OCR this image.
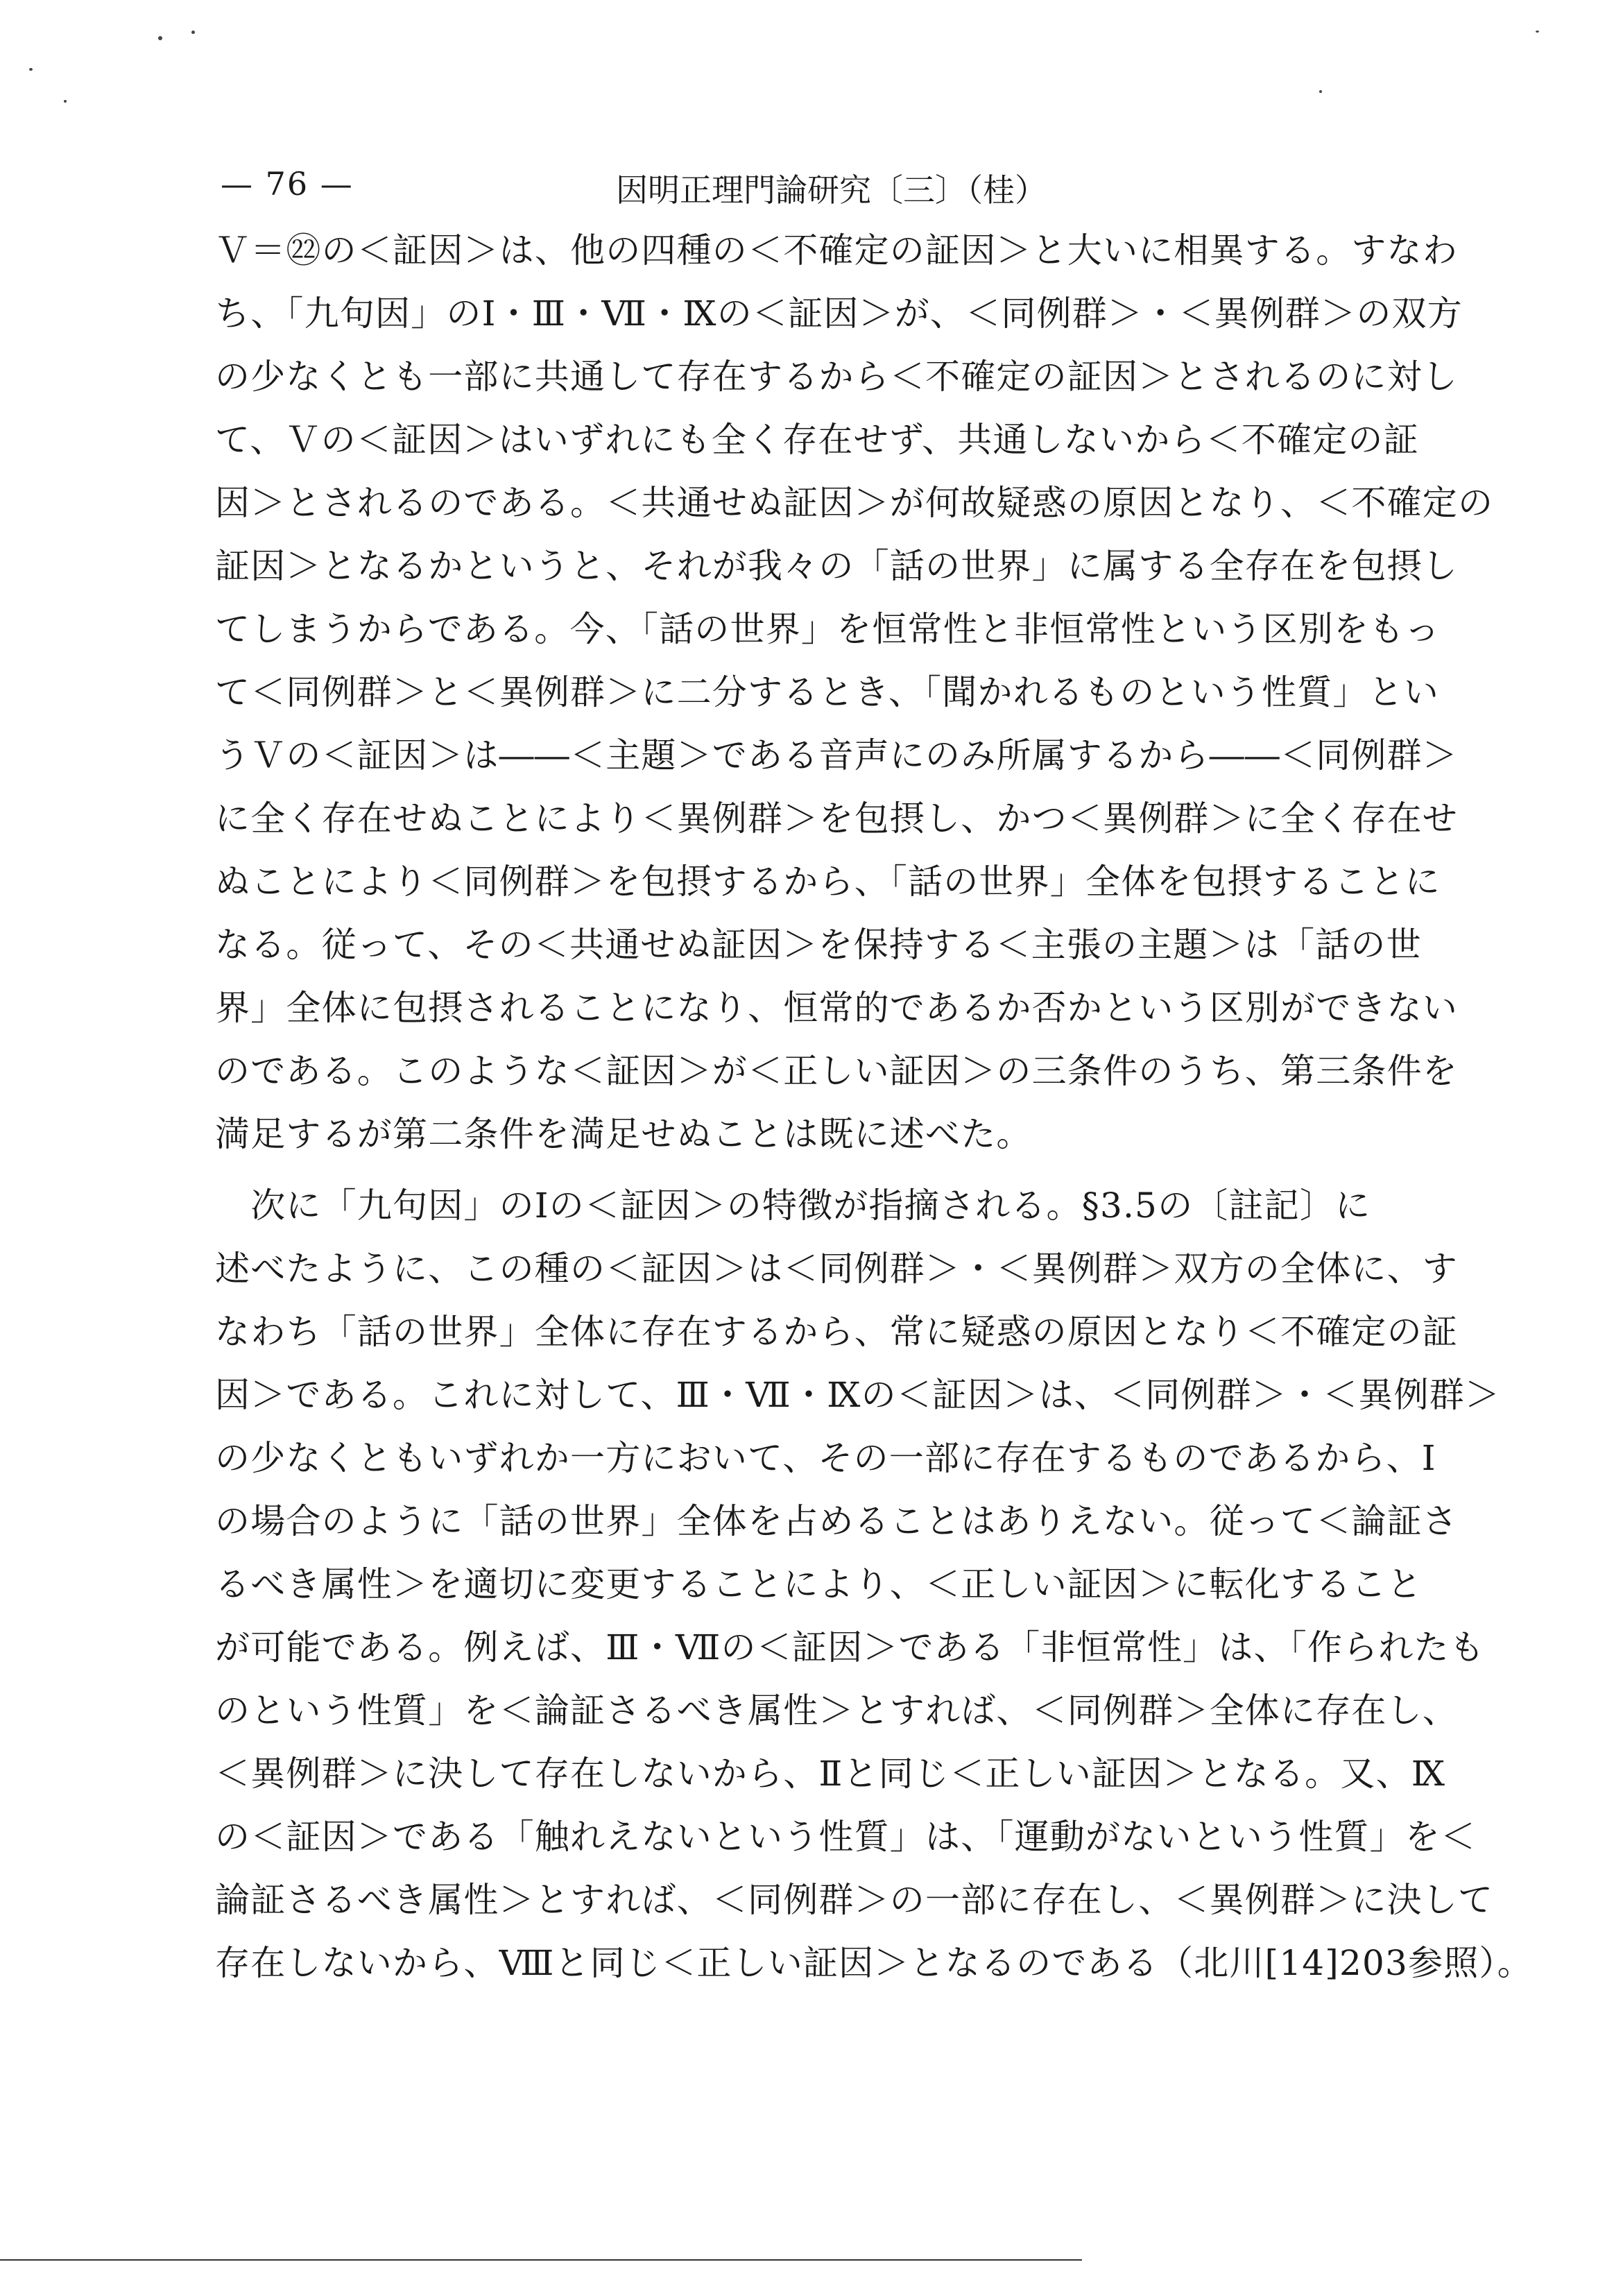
— 76 —	因明正理門論研究〔三〕（桂）
Ｖ＝㉒の＜証因＞は、他の四種の＜不確定の証因＞と大いに相異する。すなわ
ち、「九句因」のⅠ・Ⅲ・Ⅶ・Ⅸの＜証因＞が、＜同例群＞・＜異例群＞の双方
の少なくとも一部に共通して存在するから＜不確定の証因＞とされるのに対し
て、Ｖの＜証因＞はいずれにも全く存在せず、共通しないから＜不確定の証
因＞とされるのである。＜共通せぬ証因＞が何故疑惑の原因となり、＜不確定の
証因＞となるかというと、それが我々の「話の世界」に属する全存在を包摂し
てしまうからである。今、「話の世界」を恒常性と非恒常性という区別をもっ
て＜同例群＞と＜異例群＞に二分するとき、「聞かれるものという性質」とい
うＶの＜証因＞は――＜主題＞である音声にのみ所属するから――＜同例群＞
に全く存在せぬことにより＜異例群＞を包摂し、かつ＜異例群＞に全く存在せ
ぬことにより＜同例群＞を包摂するから、「話の世界」全体を包摂することに
なる。従って、その＜共通せぬ証因＞を保持する＜主張の主題＞は「話の世
界」全体に包摂されることになり、恒常的であるか否かという区別ができない
のである。このような＜証因＞が＜正しい証因＞の三条件のうち、第三条件を
満足するが第二条件を満足せぬことは既に述べた。
　次に「九句因」のⅠの＜証因＞の特徴が指摘される。§3.5の〔註記〕に
述べたように、この種の＜証因＞は＜同例群＞・＜異例群＞双方の全体に、す
なわち「話の世界」全体に存在するから、常に疑惑の原因となり＜不確定の証
因＞である。これに対して、Ⅲ・Ⅶ・Ⅸの＜証因＞は、＜同例群＞・＜異例群＞
の少なくともいずれか一方において、その一部に存在するものであるから、Ⅰ
の場合のように「話の世界」全体を占めることはありえない。従って＜論証さ
るべき属性＞を適切に変更することにより、＜正しい証因＞に転化すること
が可能である。例えば、Ⅲ・Ⅶの＜証因＞である「非恒常性」は、「作られたも
のという性質」を＜論証さるべき属性＞とすれば、＜同例群＞全体に存在し、
＜異例群＞に決して存在しないから、Ⅱと同じ＜正しい証因＞となる。又、Ⅸ
の＜証因＞である「触れえないという性質」は、「運動がないという性質」を＜
論証さるべき属性＞とすれば、＜同例群＞の一部に存在し、＜異例群＞に決して
存在しないから、Ⅷと同じ＜正しい証因＞となるのである（北川[14]203参照）。
